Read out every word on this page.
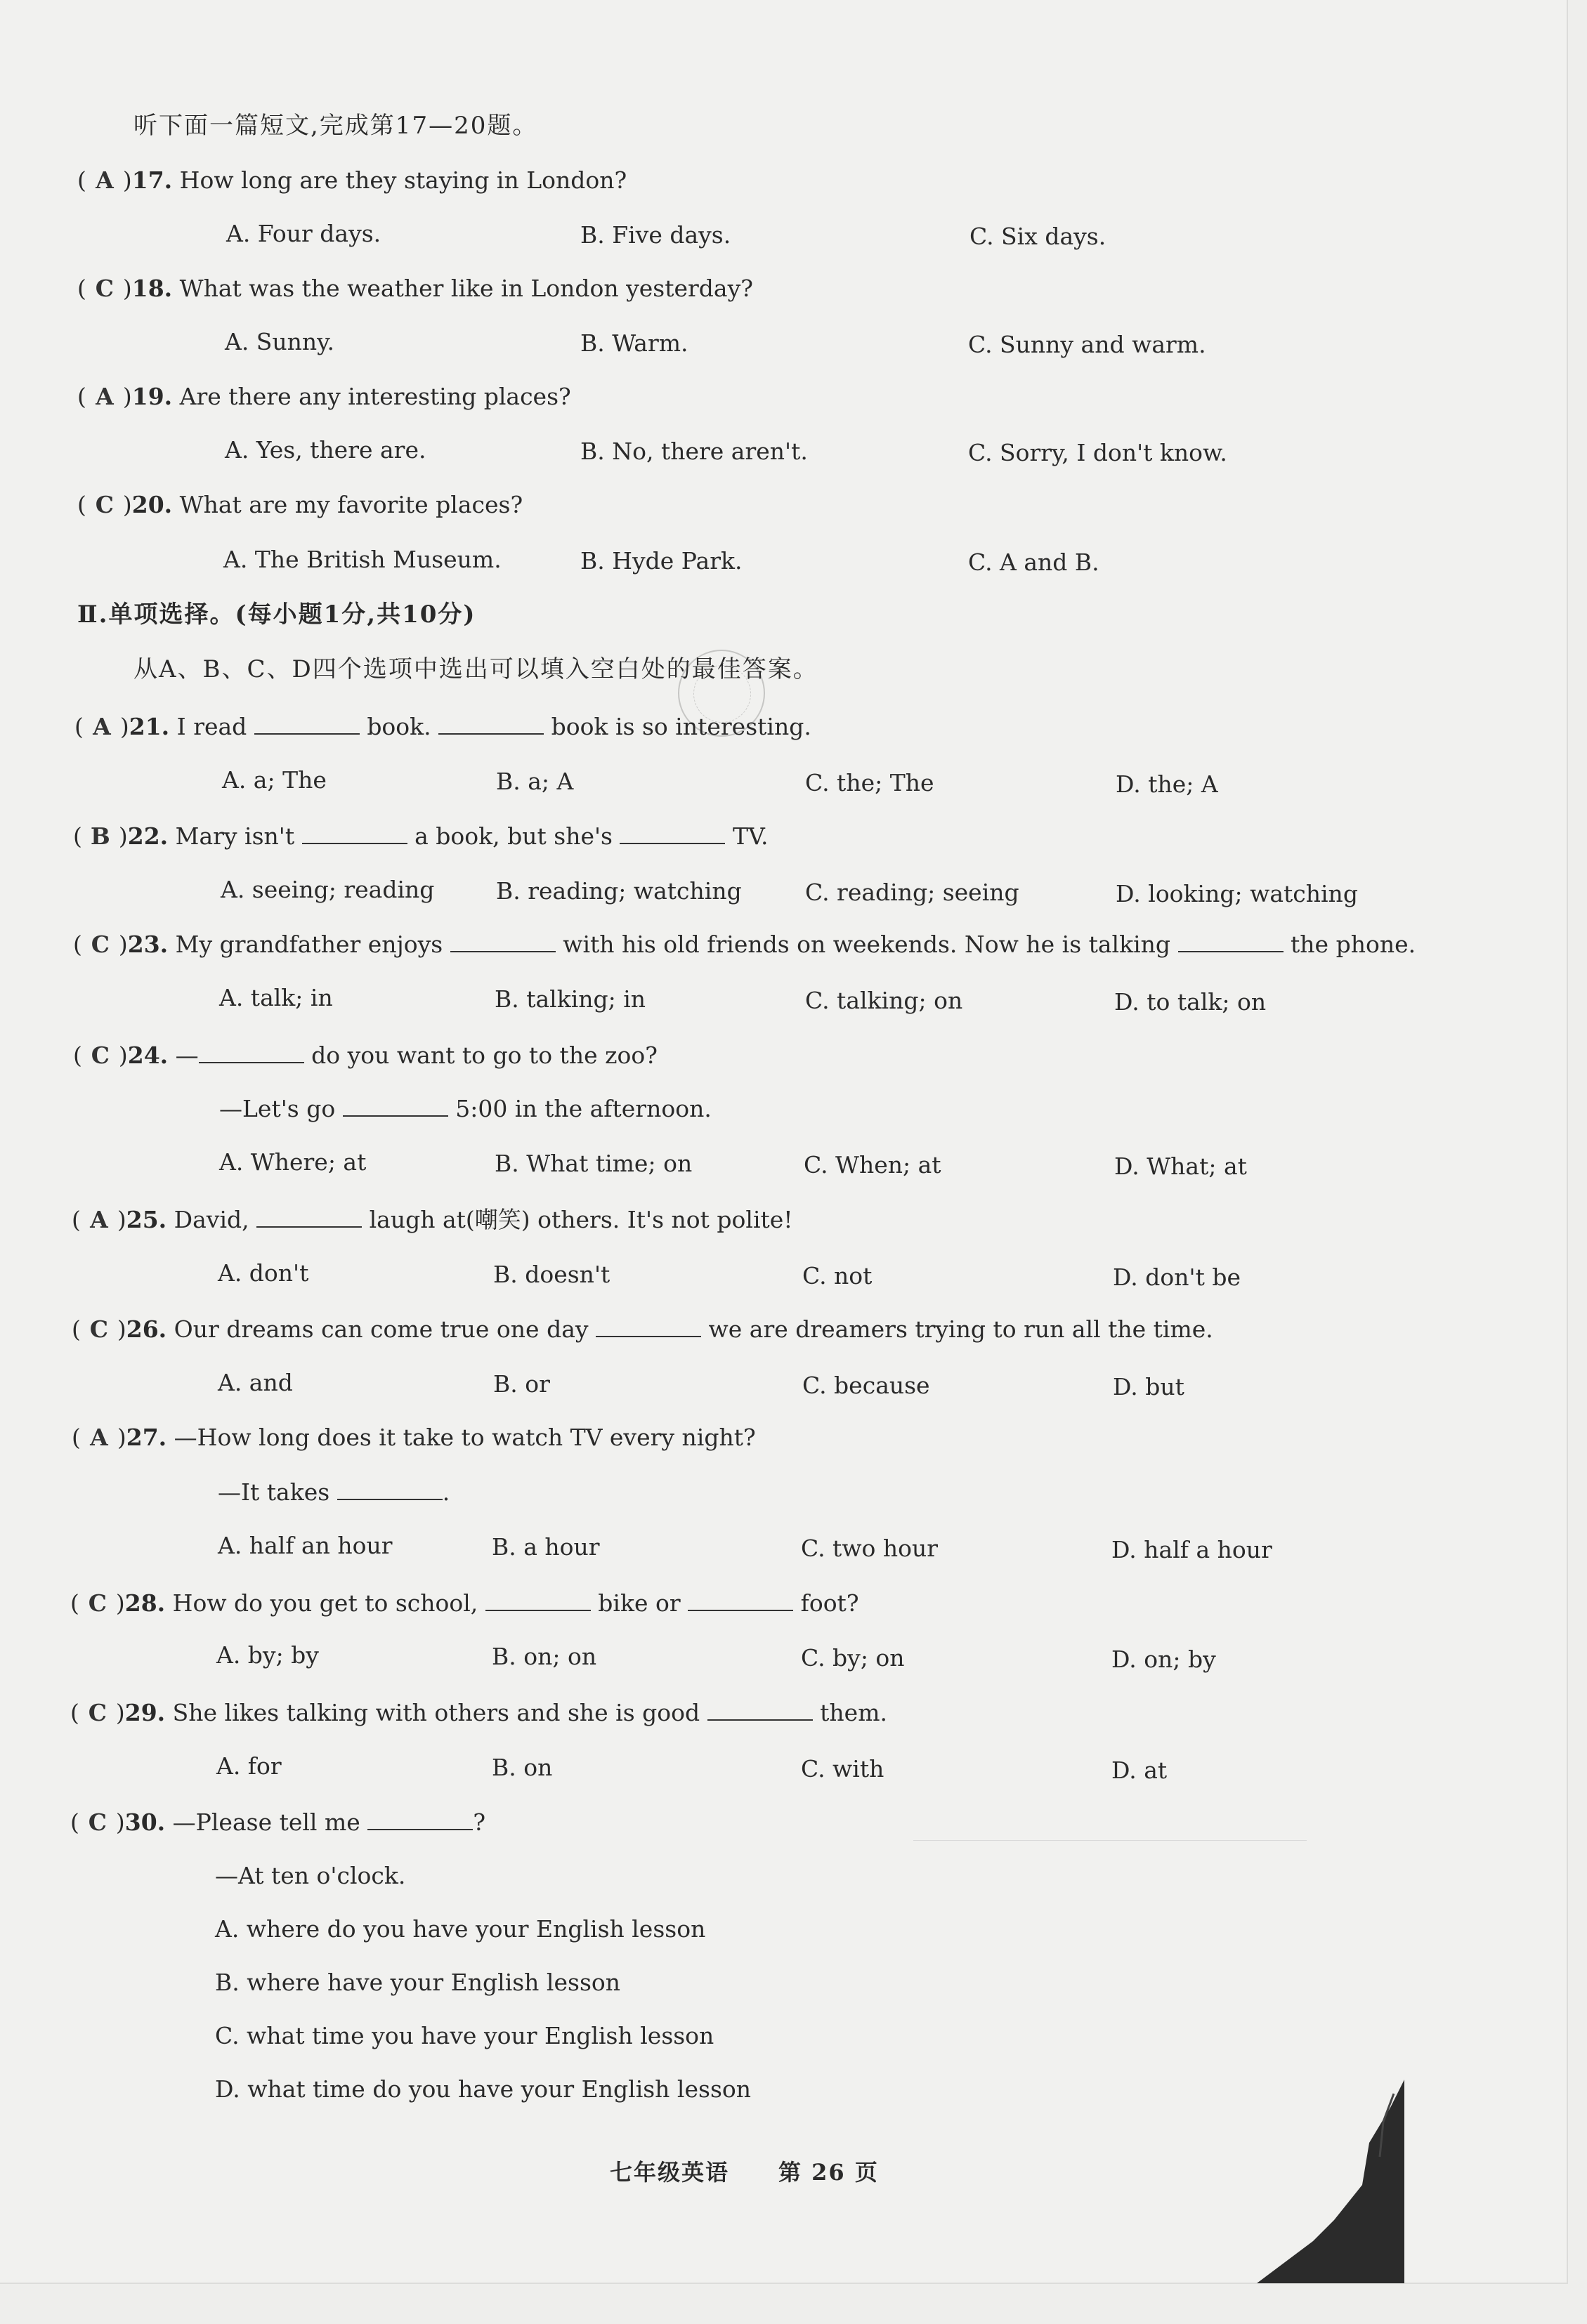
听下面一篇短文,完成第17—20题。
( A )17. How long are they staying in London?
A. Four days.	B. Five days.	C. Six days.
( C )18. What was the weather like in London yesterday?
A. Sunny.	B. Warm.	C. Sunny and warm.
( A )19. Are there any interesting places?
A. Yes, there are.	B. No, there aren't.	C. Sorry, I don't know.
( C )20. What are my favorite places?
A. The British Museum.	B. Hyde Park.	C. A and B.
Ⅱ.单项选择。(每小题1分,共10分)
从A、B、C、D四个选项中选出可以填入空白处的最佳答案。
( A )21. I read	book.	book is so interesting.
A. a; The	B. a; A	C. the; The	D. the; A
( B )22. Mary isn't	a book, but she's	TV.
A. seeing; reading	B. reading; watching	C. reading; seeing	D. looking; watching
( C )23. My grandfather enjoys	with his old friends on weekends. Now he is talking	the phone.
A. talk; in	B. talking; in	C. talking; on	D. to talk; on
( C )24. —	do you want to go to the zoo?
—Let's go	5:00 in the afternoon.
A. Where; at	B. What time; on	C. When; at	D. What; at
( A )25. David,	laugh at(嘲笑) others. It's not polite!
A. don't	B. doesn't	C. not	D. don't be
( C )26. Our dreams can come true one day	we are dreamers trying to run all the time.
A. and	B. or	C. because	D. but
( A )27. —How long does it take to watch TV every night?
—It takes	.
A. half an hour	B. a hour	C. two hour	D. half a hour
( C )28. How do you get to school,	bike or	foot?
A. by; by	B. on; on	C. by; on	D. on; by
( C )29. She likes talking with others and she is good	them.
A. for	B. on	C. with	D. at
( C )30. —Please tell me	?
—At ten o'clock.
A. where do you have your English lesson
B. where have your English lesson
C. what time you have your English lesson
D. what time do you have your English lesson
七年级英语 第 26 页
